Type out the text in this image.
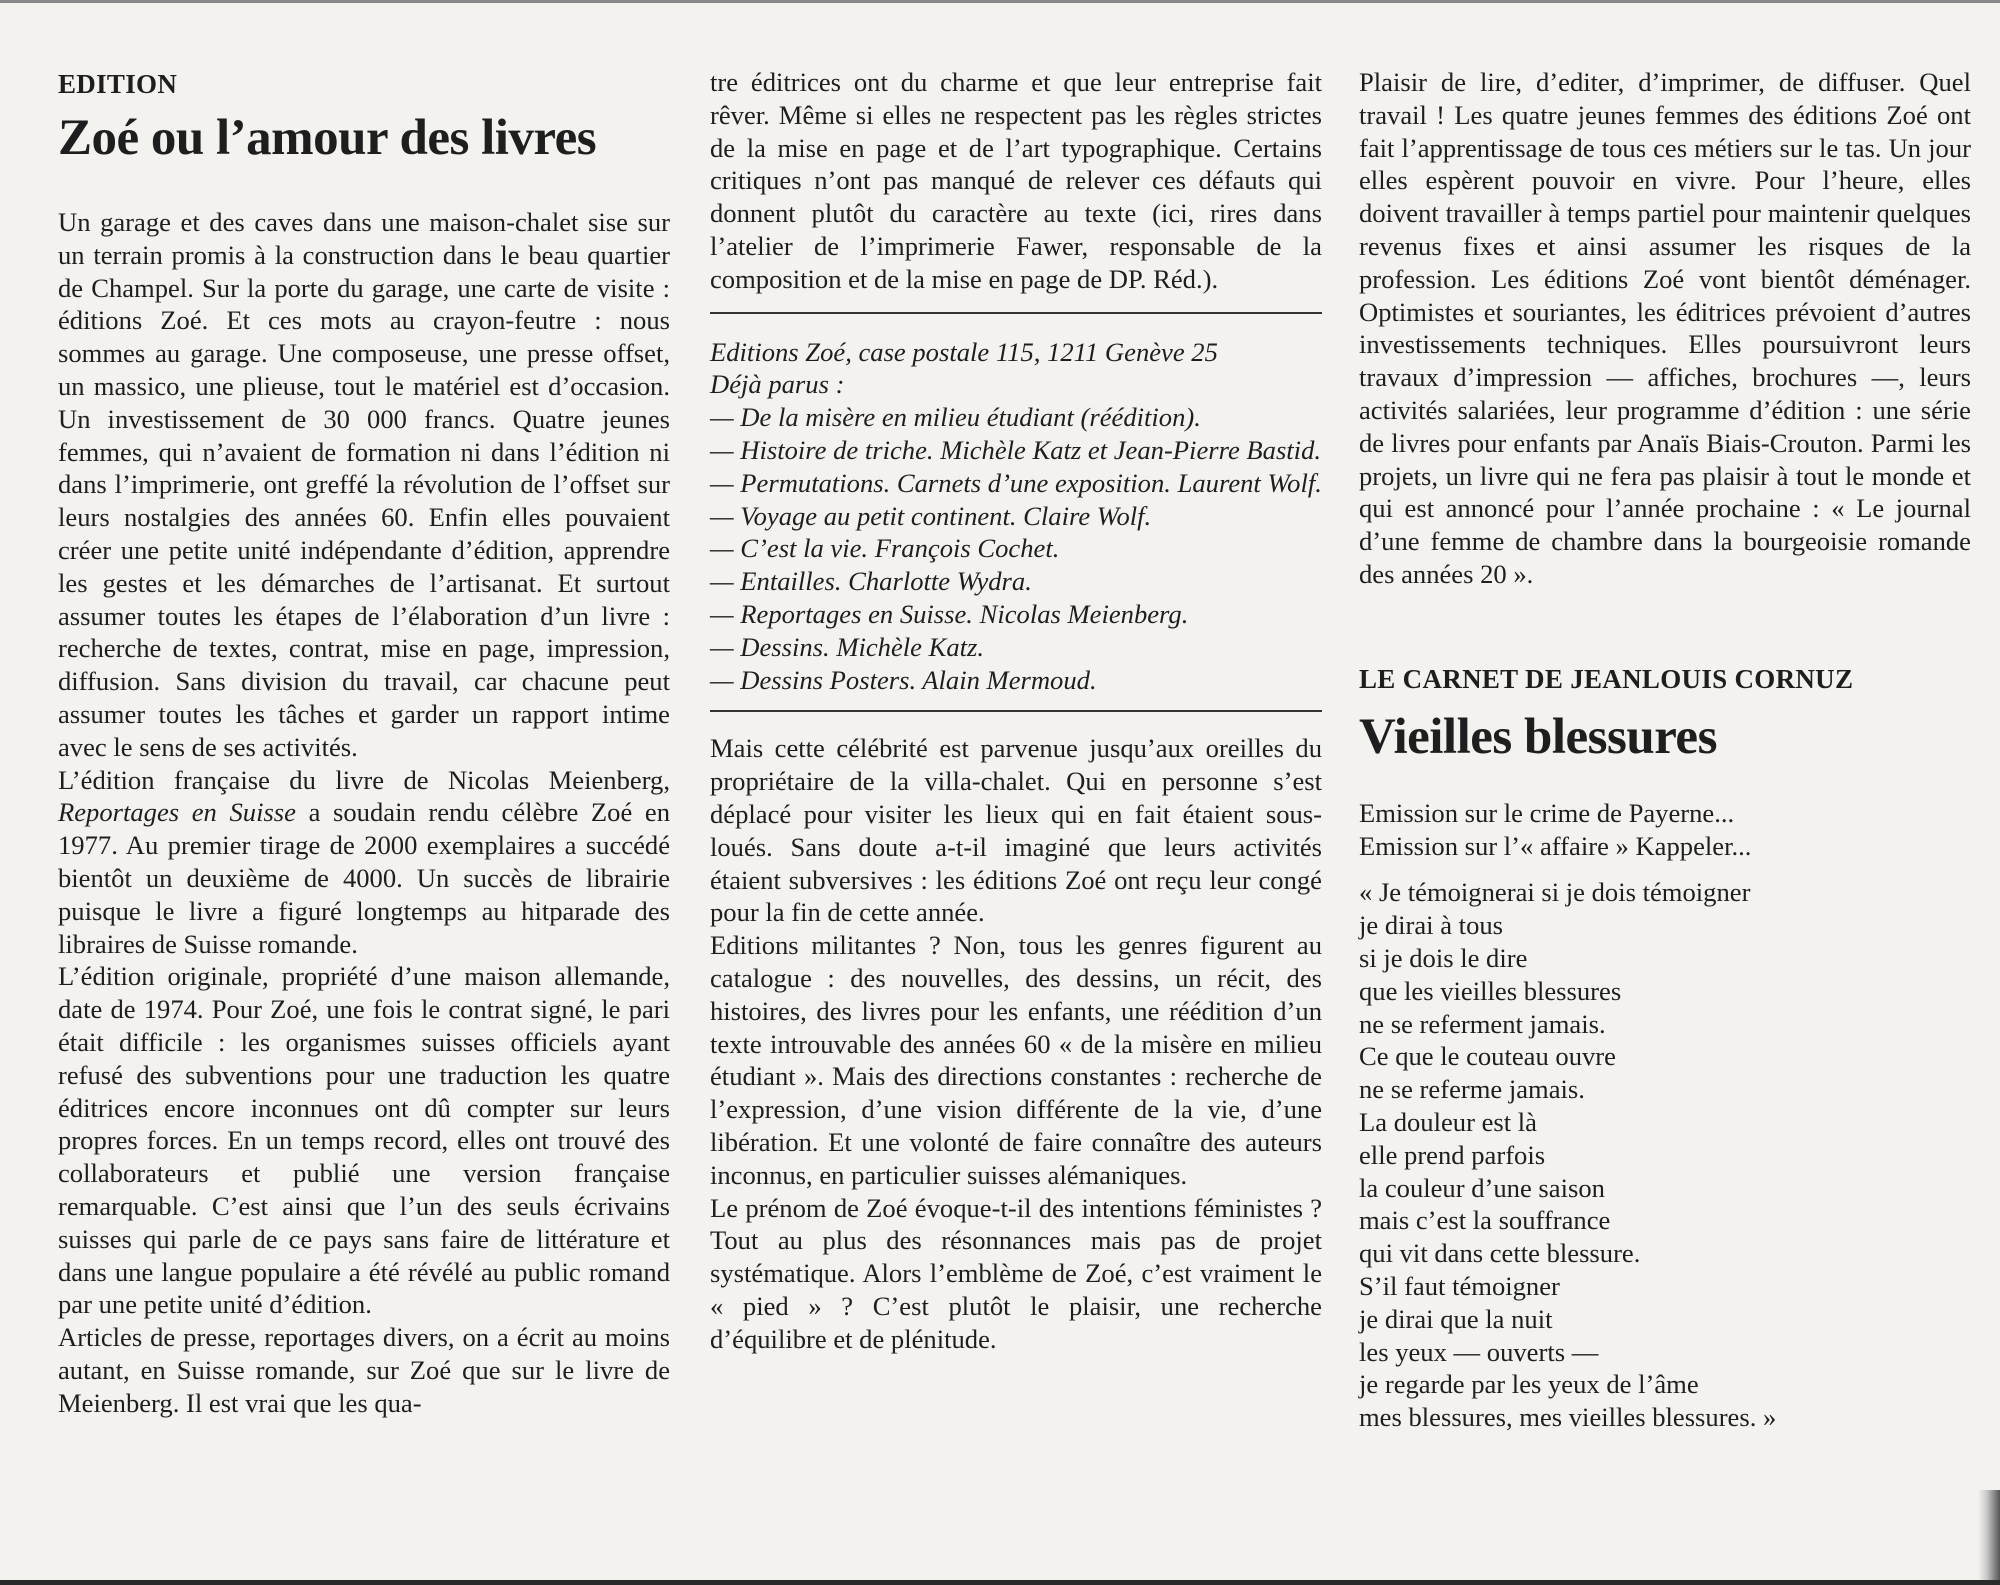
EDITION
Zoé ou l’amour des livres

Un garage et des caves dans une maison-chalet sise sur un terrain promis à la construction dans le beau quartier de Champel. Sur la porte du garage, une carte de visite : éditions Zoé. Et ces mots au crayon-feutre : nous sommes au garage. Une composeuse, une presse offset, un massico, une plieuse, tout le matériel est d’occasion. Un investissement de 30 000 francs. Quatre jeunes femmes, qui n’avaient de formation ni dans l’édition ni dans l’imprimerie, ont greffé la révolution de l’offset sur leurs nostalgies des années 60. Enfin elles pouvaient créer une petite unité indépendante d’édition, apprendre les gestes et les démarches de l’artisanat. Et surtout assumer toutes les étapes de l’élaboration d’un livre : recherche de textes, contrat, mise en page, impression, diffusion. Sans division du travail, car chacune peut assumer toutes les tâches et garder un rapport intime avec le sens de ses activités.

L’édition française du livre de Nicolas Meienberg, Reportages en Suisse a soudain rendu célèbre Zoé en 1977. Au premier tirage de 2000 exemplaires a succédé bientôt un deuxième de 4000. Un succès de librairie puisque le livre a figuré longtemps au hitparade des libraires de Suisse romande.

L’édition originale, propriété d’une maison allemande, date de 1974. Pour Zoé, une fois le contrat signé, le pari était difficile : les organismes suisses officiels ayant refusé des subventions pour une traduction les quatre éditrices encore inconnues ont dû compter sur leurs propres forces. En un temps record, elles ont trouvé des collaborateurs et publié une version française remarquable. C’est ainsi que l’un des seuls écrivains suisses qui parle de ce pays sans faire de littérature et dans une langue populaire a été révélé au public romand par une petite unité d’édition.

Articles de presse, reportages divers, on a écrit au moins autant, en Suisse romande, sur Zoé que sur le livre de Meienberg. Il est vrai que les qua-

tre éditrices ont du charme et que leur entreprise fait rêver. Même si elles ne respectent pas les règles strictes de la mise en page et de l’art typographique. Certains critiques n’ont pas manqué de relever ces défauts qui donnent plutôt du caractère au texte (ici, rires dans l’atelier de l’imprimerie Fawer, responsable de la composition et de la mise en page de DP. Réd.).

Editions Zoé, case postale 115, 1211 Genève 25
Déjà parus :
— De la misère en milieu étudiant (réédition).
— Histoire de triche. Michèle Katz et Jean-Pierre Bastid.
— Permutations. Carnets d’une exposition. Laurent Wolf.
— Voyage au petit continent. Claire Wolf.
— C’est la vie. François Cochet.
— Entailles. Charlotte Wydra.
— Reportages en Suisse. Nicolas Meienberg.
— Dessins. Michèle Katz.
— Dessins Posters. Alain Mermoud.

Mais cette célébrité est parvenue jusqu’aux oreilles du propriétaire de la villa-chalet. Qui en personne s’est déplacé pour visiter les lieux qui en fait étaient sous-loués. Sans doute a-t-il imaginé que leurs activités étaient subversives : les éditions Zoé ont reçu leur congé pour la fin de cette année.

Editions militantes ? Non, tous les genres figurent au catalogue : des nouvelles, des dessins, un récit, des histoires, des livres pour les enfants, une réédition d’un texte introuvable des années 60 « de la misère en milieu étudiant ». Mais des directions constantes : recherche de l’expression, d’une vision différente de la vie, d’une libération. Et une volonté de faire connaître des auteurs inconnus, en particulier suisses alémaniques.

Le prénom de Zoé évoque-t-il des intentions féministes ? Tout au plus des résonnances mais pas de projet systématique. Alors l’emblème de Zoé, c’est vraiment le « pied » ? C’est plutôt le plaisir, une recherche d’équilibre et de plénitude.

Plaisir de lire, d’editer, d’imprimer, de diffuser. Quel travail ! Les quatre jeunes femmes des éditions Zoé ont fait l’apprentissage de tous ces métiers sur le tas. Un jour elles espèrent pouvoir en vivre. Pour l’heure, elles doivent travailler à temps partiel pour maintenir quelques revenus fixes et ainsi assumer les risques de la profession. Les éditions Zoé vont bientôt déménager. Optimistes et souriantes, les éditrices prévoient d’autres investissements techniques. Elles poursuivront leurs travaux d’impression — affiches, brochures —, leurs activités salariées, leur programme d’édition : une série de livres pour enfants par Anaïs Biais-Crouton. Parmi les projets, un livre qui ne fera pas plaisir à tout le monde et qui est annoncé pour l’année prochaine : « Le journal d’une femme de chambre dans la bourgeoisie romande des années 20 ».

LE CARNET DE JEANLOUIS CORNUZ
Vieilles blessures
Emission sur le crime de Payerne...
Emission sur l’« affaire » Kappeler...
« Je témoignerai si je dois témoigner
je dirai à tous
si je dois le dire
que les vieilles blessures
ne se referment jamais.
Ce que le couteau ouvre
ne se referme jamais.
La douleur est là
elle prend parfois
la couleur d’une saison
mais c’est la souffrance
qui vit dans cette blessure.
S’il faut témoigner
je dirai que la nuit
les yeux — ouverts —
je regarde par les yeux de l’âme
mes blessures, mes vieilles blessures. »
